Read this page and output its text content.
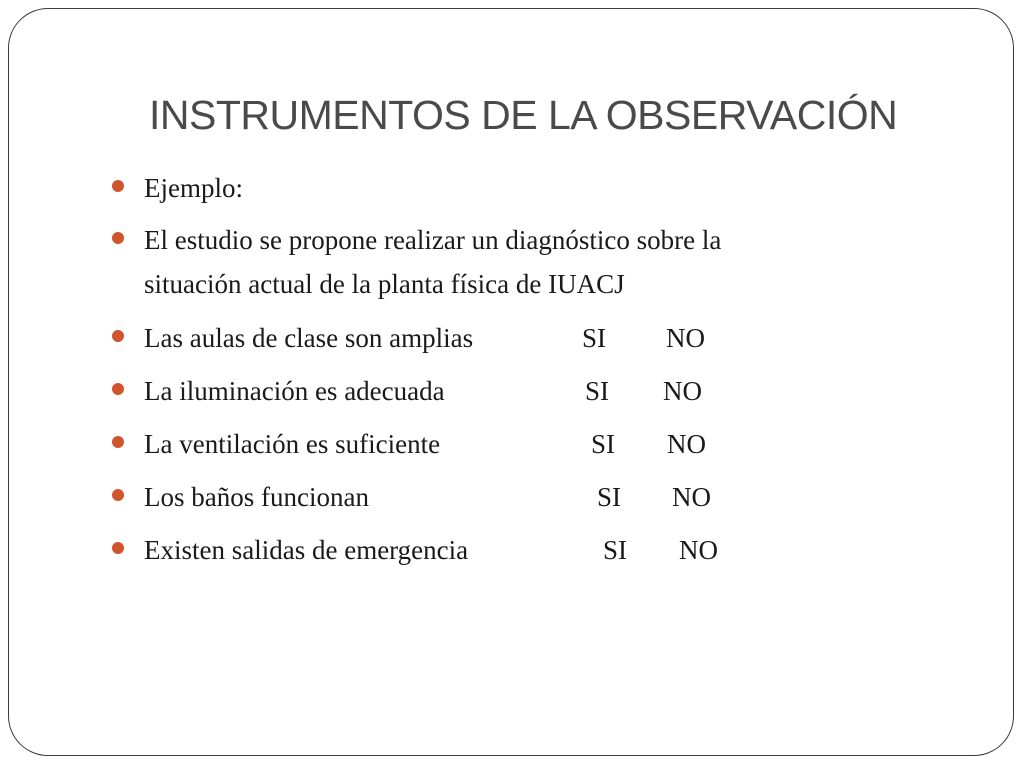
INSTRUMENTOS DE LA OBSERVACIÓN
Ejemplo:
El estudio se propone realizar un diagnóstico sobre la
situación actual de la planta física de IUACJ
Las aulas de clase son amplias	SI NO
La iluminación es adecuada	SI NO
La ventilación es suficiente	SI NO
Los baños funcionan	SI NO
Existen salidas de emergencia	SI NO
